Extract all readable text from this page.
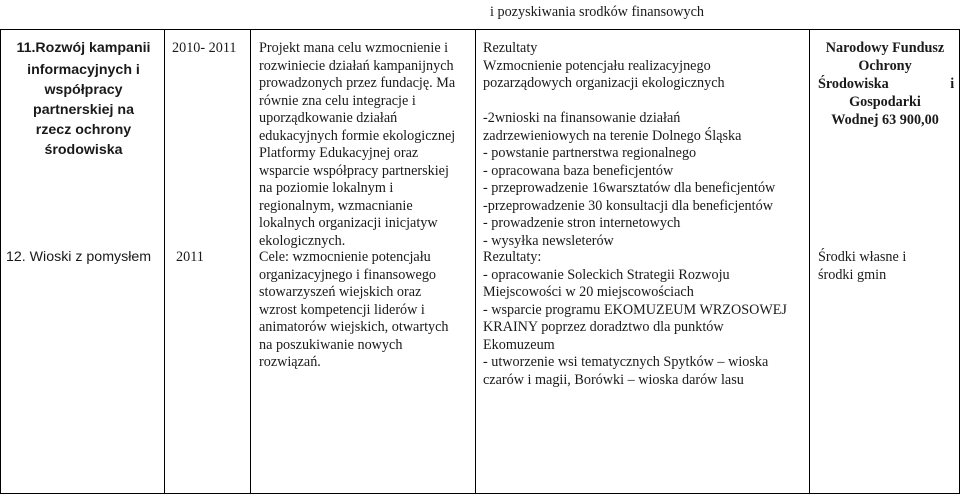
i pozyskiwania srodków finansowych
11.Rozwój kampanii
informacyjnych i
współpracy
partnerskiej na
rzecz ochrony
środowiska
2010- 2011 Projekt mana celu wzmocnienie i
rozwiniecie działań kampanijnych
prowadzonych przez fundację. Ma
równie zna celu integracje i
uporządkowanie działań
edukacyjnych formie ekologicznej
Platformy Edukacyjnej oraz
wsparcie współpracy partnerskiej
na poziomie lokalnym i
regionalnym, wzmacnianie
lokalnych organizacji inicjatyw
ekologicznych.
Rezultaty
Wzmocnienie potencjału realizacyjnego
pozarządowych organizacji ekologicznych
-2wnioski na finansowanie działań
zadrzewieniowych na terenie Dolnego Śląska
- powstanie partnerstwa regionalnego
- opracowana baza beneficjentów
- przeprowadzenie 16warsztatów dla beneficjentów
-przeprowadzenie 30 konsultacji dla beneficjentów
- prowadzenie stron internetowych
- wysyłka newsleterów
Narodowy Fundusz
Ochrony
Środowiska i
Gospodarki
Wodnej 63 900,00
12. Wioski z pomysłem 2011	Cele: wzmocnienie potencjału
organizacyjnego i finansowego
stowarzyszeń wiejskich oraz
wzrost kompetencji liderów i
animatorów wiejskich, otwartych
na poszukiwanie nowych
rozwiązań.
Rezultaty:
- opracowanie Soleckich Strategii Rozwoju
Miejscowości w 20 miejscowościach
- wsparcie programu EKOMUZEUM WRZOSOWEJ
KRAINY poprzez doradztwo dla punktów
Ekomuzeum
- utworzenie wsi tematycznych Spytków – wioska
czarów i magii, Borówki – wioska darów lasu
Środki własne i
środki gmin
